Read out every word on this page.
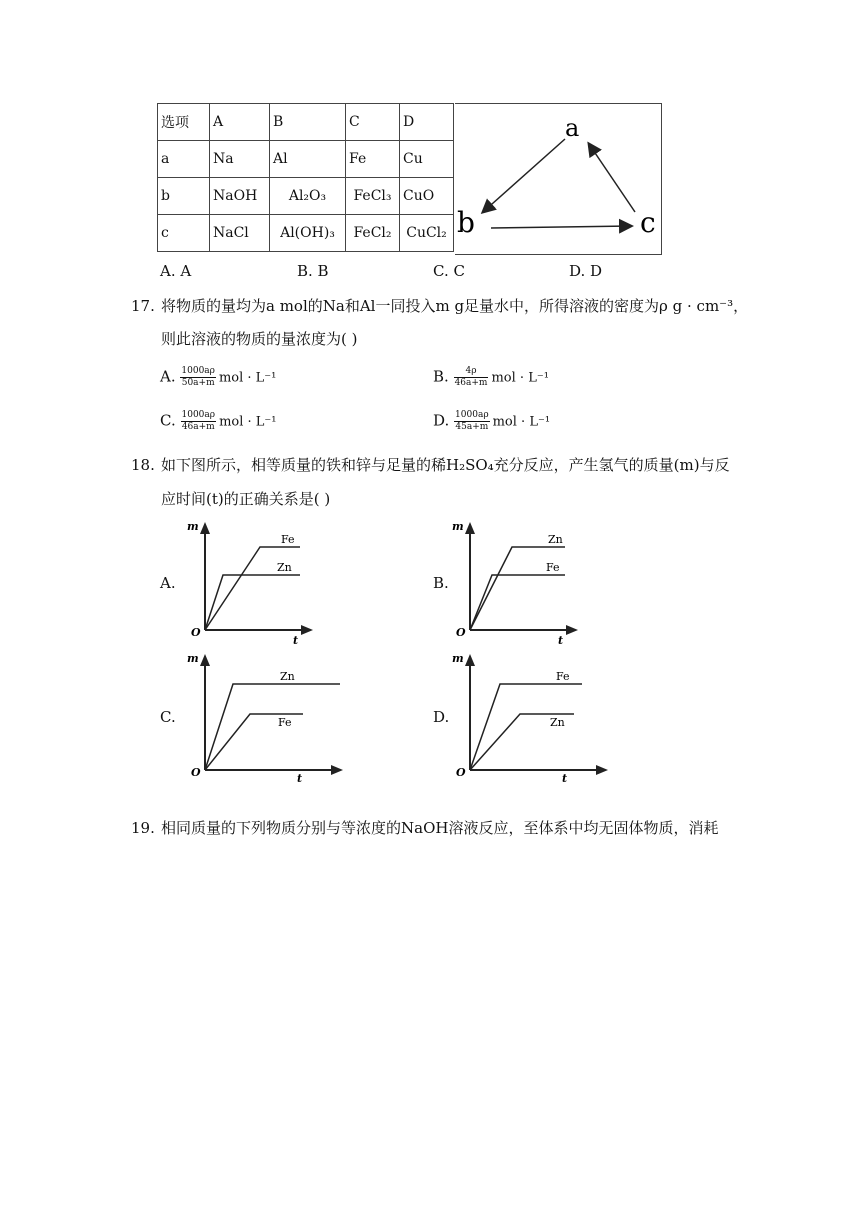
选项	A	B	C	D
a	Na	Al	Fe	Cu
b	NaOH	Al₂O₃	FeCl₃	CuO
c	NaCl	Al(OH)₃	FeCl₂	CuCl₂
a
b	c
A. A	B. B	C. C	D. D
17. 将物质的量均为a mol的Na和Al一同投入m g足量水中，所得溶液的密度为ρ g · cm⁻³，
则此溶液的物质的量浓度为( )
A. $\frac{1000a\rho}{50a+m}$ mol · L⁻¹	B. $\frac{4\rho}{46a+m}$ mol · L⁻¹
C. $\frac{1000a\rho}{46a+m}$ mol · L⁻¹	D. $\frac{1000a\rho}{45a+m}$ mol · L⁻¹
18. 如下图所示，相等质量的铁和锌与足量的稀H₂SO₄充分反应，产生氢气的质量(m)与反
应时间(t)的正确关系是( )
A.
m
t
O
Fe
Zn
B.
m
t
O
Zn
Fe
C.
m
t
O
Zn
Fe	D.
m
t
O
Fe
Zn
19. 相同质量的下列物质分别与等浓度的NaOH溶液反应，至体系中均无固体物质，消耗
